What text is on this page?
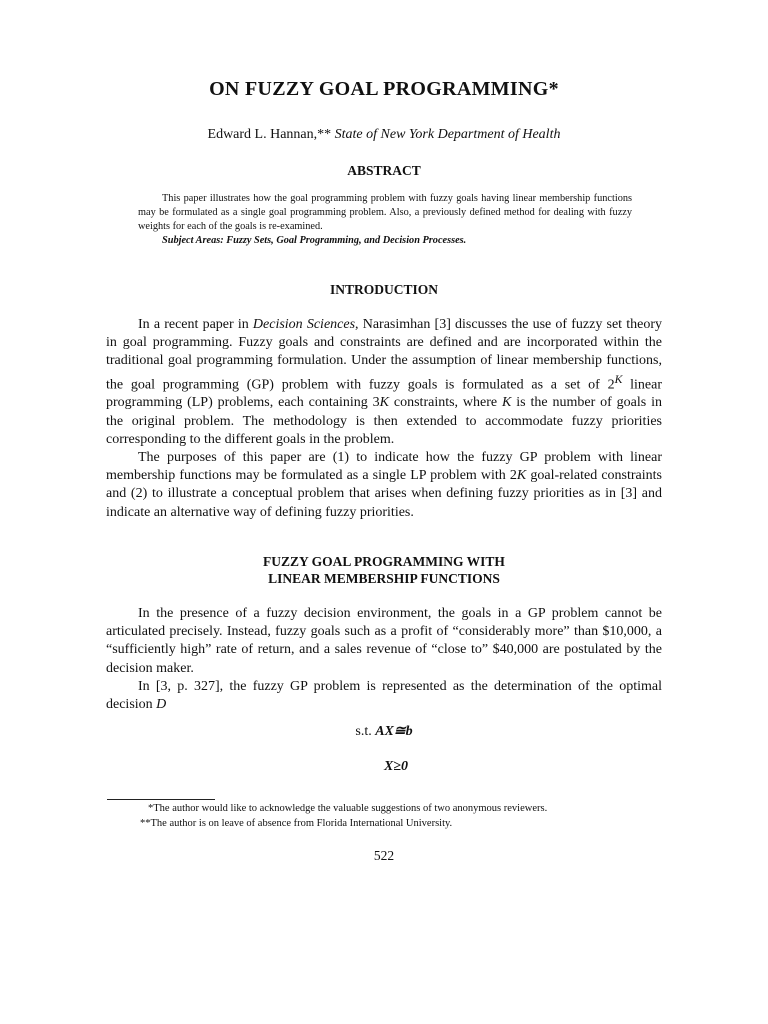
ON FUZZY GOAL PROGRAMMING*
Edward L. Hannan,** State of New York Department of Health
ABSTRACT

This paper illustrates how the goal programming problem with fuzzy goals having linear membership functions may be formulated as a single goal programming problem. Also, a previously defined method for dealing with fuzzy weights for each of the goals is re-examined.

Subject Areas: Fuzzy Sets, Goal Programming, and Decision Processes.

INTRODUCTION

In a recent paper in Decision Sciences, Narasimhan [3] discusses the use of fuzzy set theory in goal programming. Fuzzy goals and constraints are defined and are incorporated within the traditional goal programming formulation. Under the assumption of linear membership functions, the goal programming (GP) problem with fuzzy goals is formulated as a set of $2^K$ linear programming (LP) problems, each containing 3K constraints, where K is the number of goals in the original problem. The methodology is then extended to accommodate fuzzy priorities corresponding to the different goals in the problem.

The purposes of this paper are (1) to indicate how the fuzzy GP problem with linear membership functions may be formulated as a single LP problem with 2K goal-related constraints and (2) to illustrate a conceptual problem that arises when defining fuzzy priorities as in [3] and indicate an alternative way of defining fuzzy priorities.

FUZZY GOAL PROGRAMMING WITH
LINEAR MEMBERSHIP FUNCTIONS

In the presence of a fuzzy decision environment, the goals in a GP problem cannot be articulated precisely. Instead, fuzzy goals such as a profit of “considerably more” than $10,000, a “sufficiently high” rate of return, and a sales revenue of “close to” $40,000 are postulated by the decision maker.

In [3, p. 327], the fuzzy GP problem is represented as the determination of the optimal decision D

s.t. AX≅b
X≥0
*The author would like to acknowledge the valuable suggestions of two anonymous reviewers.
**The author is on leave of absence from Florida International University.
522
